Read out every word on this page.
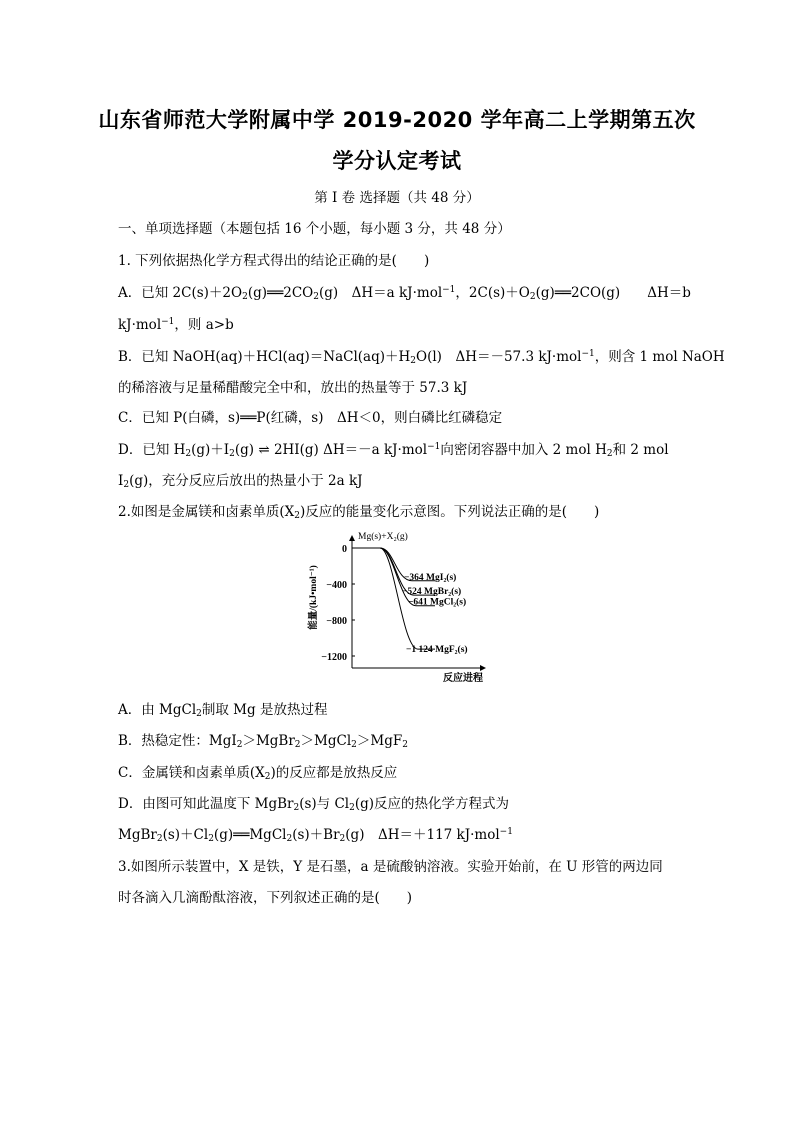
山东省师范大学附属中学 2019-2020 学年高二上学期第五次
学分认定考试
第 I 卷 选择题（共 48 分）
一、单项选择题（本题包括 16 个小题，每小题 3 分，共 48 分）
1. 下列依据热化学方程式得出的结论正确的是(　　)
A．已知 $2C(s)+2O_2(g)══2CO_2(g)$　ΔH＝a kJ·mol$^{-1}$，$2C(s)+O_2(g)══2CO(g)$　　ΔH＝b
kJ·mol$^{-1}$，则 a>b
B．已知 $NaOH(aq)+HCl(aq)=NaCl(aq)+H_2O(l)$　ΔH＝－57.3 kJ·mol$^{-1}$，则含 1 mol NaOH
的稀溶液与足量稀醋酸完全中和，放出的热量等于 57.3 kJ
C．已知 P(白磷，s)══P(红磷，s)　ΔH＜0，则白磷比红磷稳定
D．已知 $H_2(g)+I_2(g)$ ⇌ 2HI(g) ΔH＝－a kJ·mol$^{-1}$向密闭容器中加入 2 mol $H_2$和 2 mol
$I_2(g)$，充分反应后放出的热量小于 2a kJ
2.如图是金属镁和卤素单质$(X_2)$反应的能量变化示意图。下列说法正确的是(　　)
0
−400
−800
−1200
Mg(s)+X₂(g)
能量/(kJ•mol⁻¹)
反应进程
−364 MgI₂(s)
−524 MgBr₂(s)
−641 MgCl₂(s)
−1 124 MgF₂(s)
A．由 MgCl$_2$制取 Mg 是放热过程
B．热稳定性：MgI$_2$＞MgBr$_2$＞MgCl$_2$＞MgF$_2$
C．金属镁和卤素单质$(X_2)$的反应都是放热反应
D．由图可知此温度下 MgBr$_2$(s)与 $Cl_2(g)$反应的热化学方程式为
$MgBr_2(s)+Cl_2(g)══MgCl_2(s)+Br_2(g)$　ΔH＝＋117 kJ·mol$^{-1}$
3.如图所示装置中，X 是铁，Y 是石墨，a 是硫酸钠溶液。实验开始前，在 U 形管的两边同
时各滴入几滴酚酞溶液，下列叙述正确的是(　　)
